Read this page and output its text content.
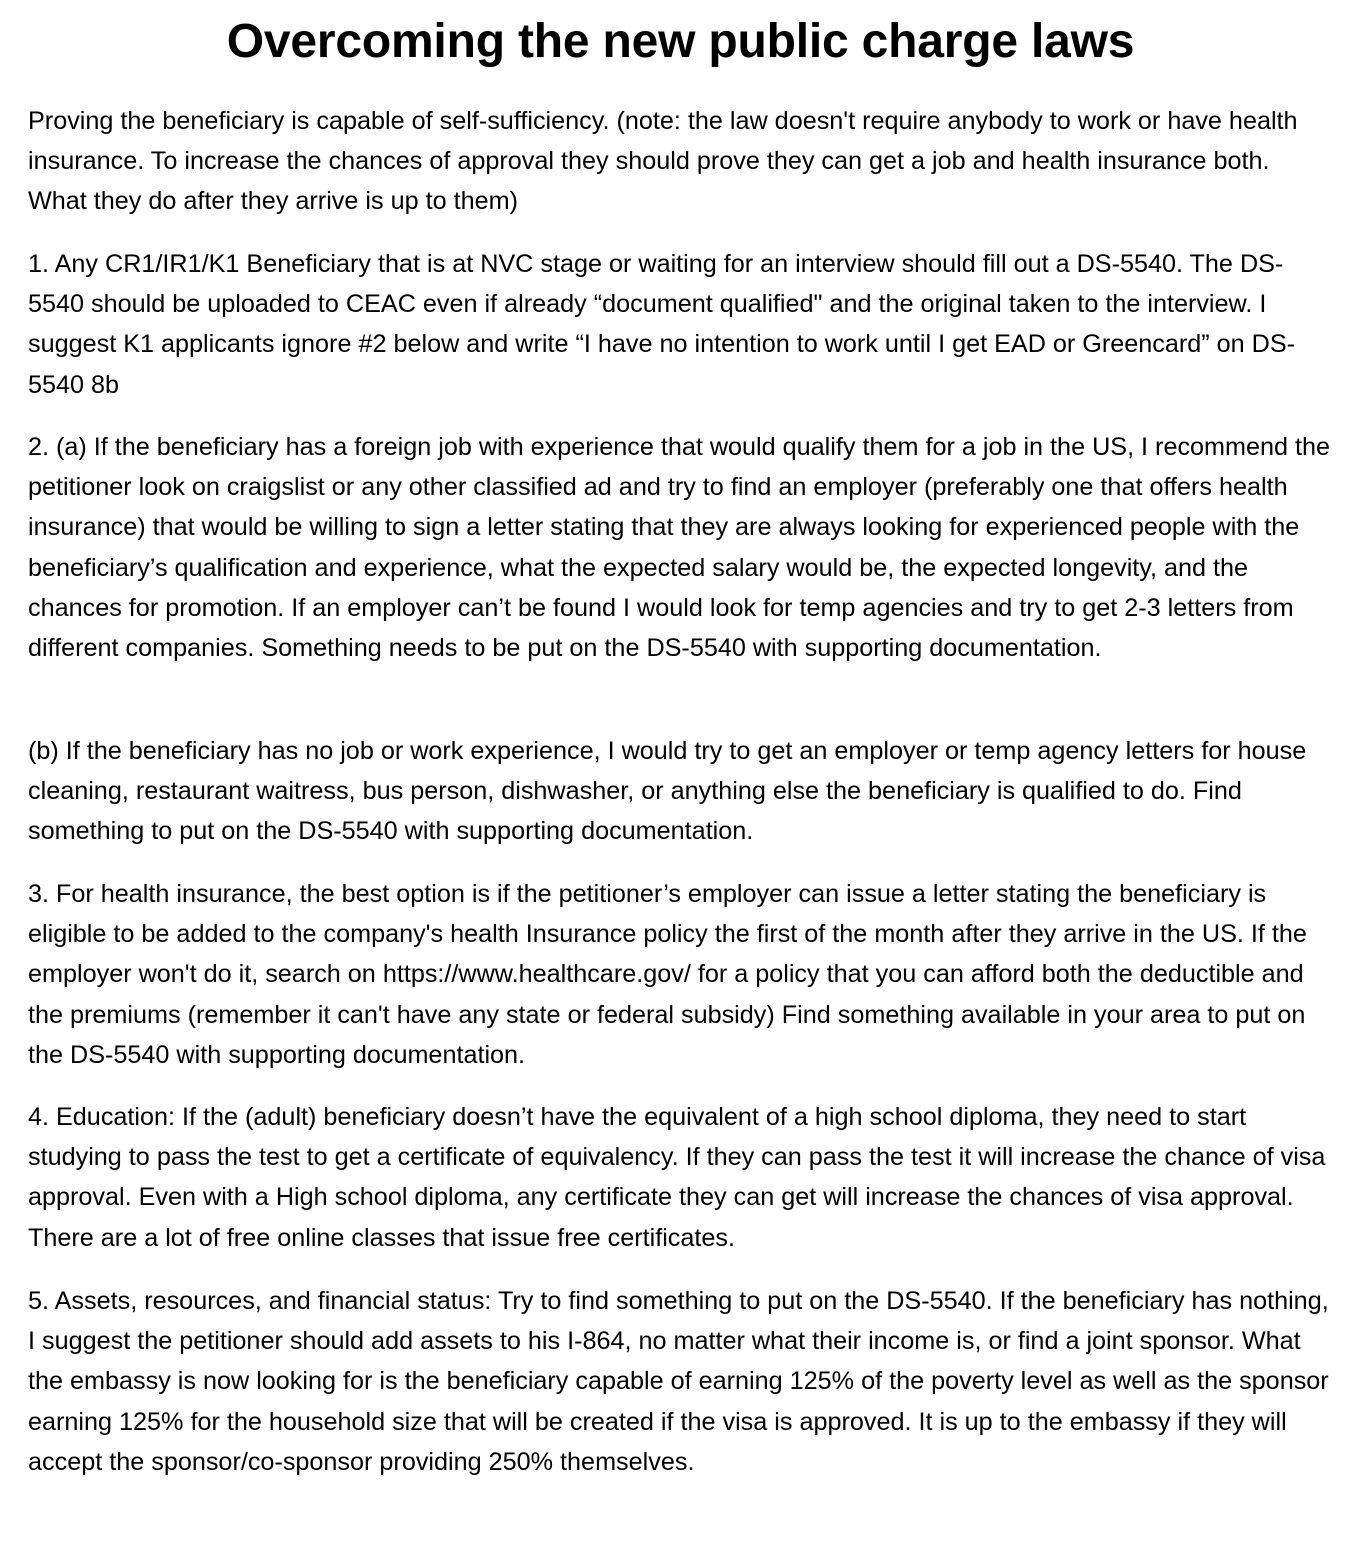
Overcoming the new public charge laws

Proving the beneficiary is capable of self-sufficiency. (note: the law doesn't require anybody to work or have health insurance. To increase the chances of approval they should prove they can get a job and health insurance both. What they do after they arrive is up to them)

1. Any CR1/IR1/K1 Beneficiary that is at NVC stage or waiting for an interview should fill out a DS-5540. The DS-5540 should be uploaded to CEAC even if already “document qualified" and the original taken to the interview. I suggest K1 applicants ignore #2 below and write “I have no intention to work until I get EAD or Greencard” on DS-5540 8b

2. (a) If the beneficiary has a foreign job with experience that would qualify them for a job in the US, I recommend the petitioner look on craigslist or any other classified ad and try to find an employer (preferably one that offers health insurance) that would be willing to sign a letter stating that they are always looking for experienced people with the beneficiary’s qualification and experience, what the expected salary would be, the expected longevity, and the chances for promotion. If an employer can’t be found I would look for temp agencies and try to get 2-3 letters from different companies. Something needs to be put on the DS-5540 with supporting documentation.

(b) If the beneficiary has no job or work experience, I would try to get an employer or temp agency letters for house cleaning, restaurant waitress, bus person, dishwasher, or anything else the beneficiary is qualified to do. Find something to put on the DS-5540 with supporting documentation.

3. For health insurance, the best option is if the petitioner’s employer can issue a letter stating the beneficiary is eligible to be added to the company's health Insurance policy the first of the month after they arrive in the US. If the employer won't do it, search on https://www.healthcare.gov/ for a policy that you can afford both the deductible and the premiums (remember it can't have any state or federal subsidy) Find something available in your area to put on the DS-5540 with supporting documentation.

4. Education: If the (adult) beneficiary doesn’t have the equivalent of a high school diploma, they need to start studying to pass the test to get a certificate of equivalency. If they can pass the test it will increase the chance of visa approval. Even with a High school diploma, any certificate they can get will increase the chances of visa approval. There are a lot of free online classes that issue free certificates.

5. Assets, resources, and financial status: Try to find something to put on the DS-5540. If the beneficiary has nothing, I suggest the petitioner should add assets to his I-864, no matter what their income is, or find a joint sponsor. What the embassy is now looking for is the beneficiary capable of earning 125% of the poverty level as well as the sponsor earning 125% for the household size that will be created if the visa is approved. It is up to the embassy if they will accept the sponsor/co-sponsor providing 250% themselves.
